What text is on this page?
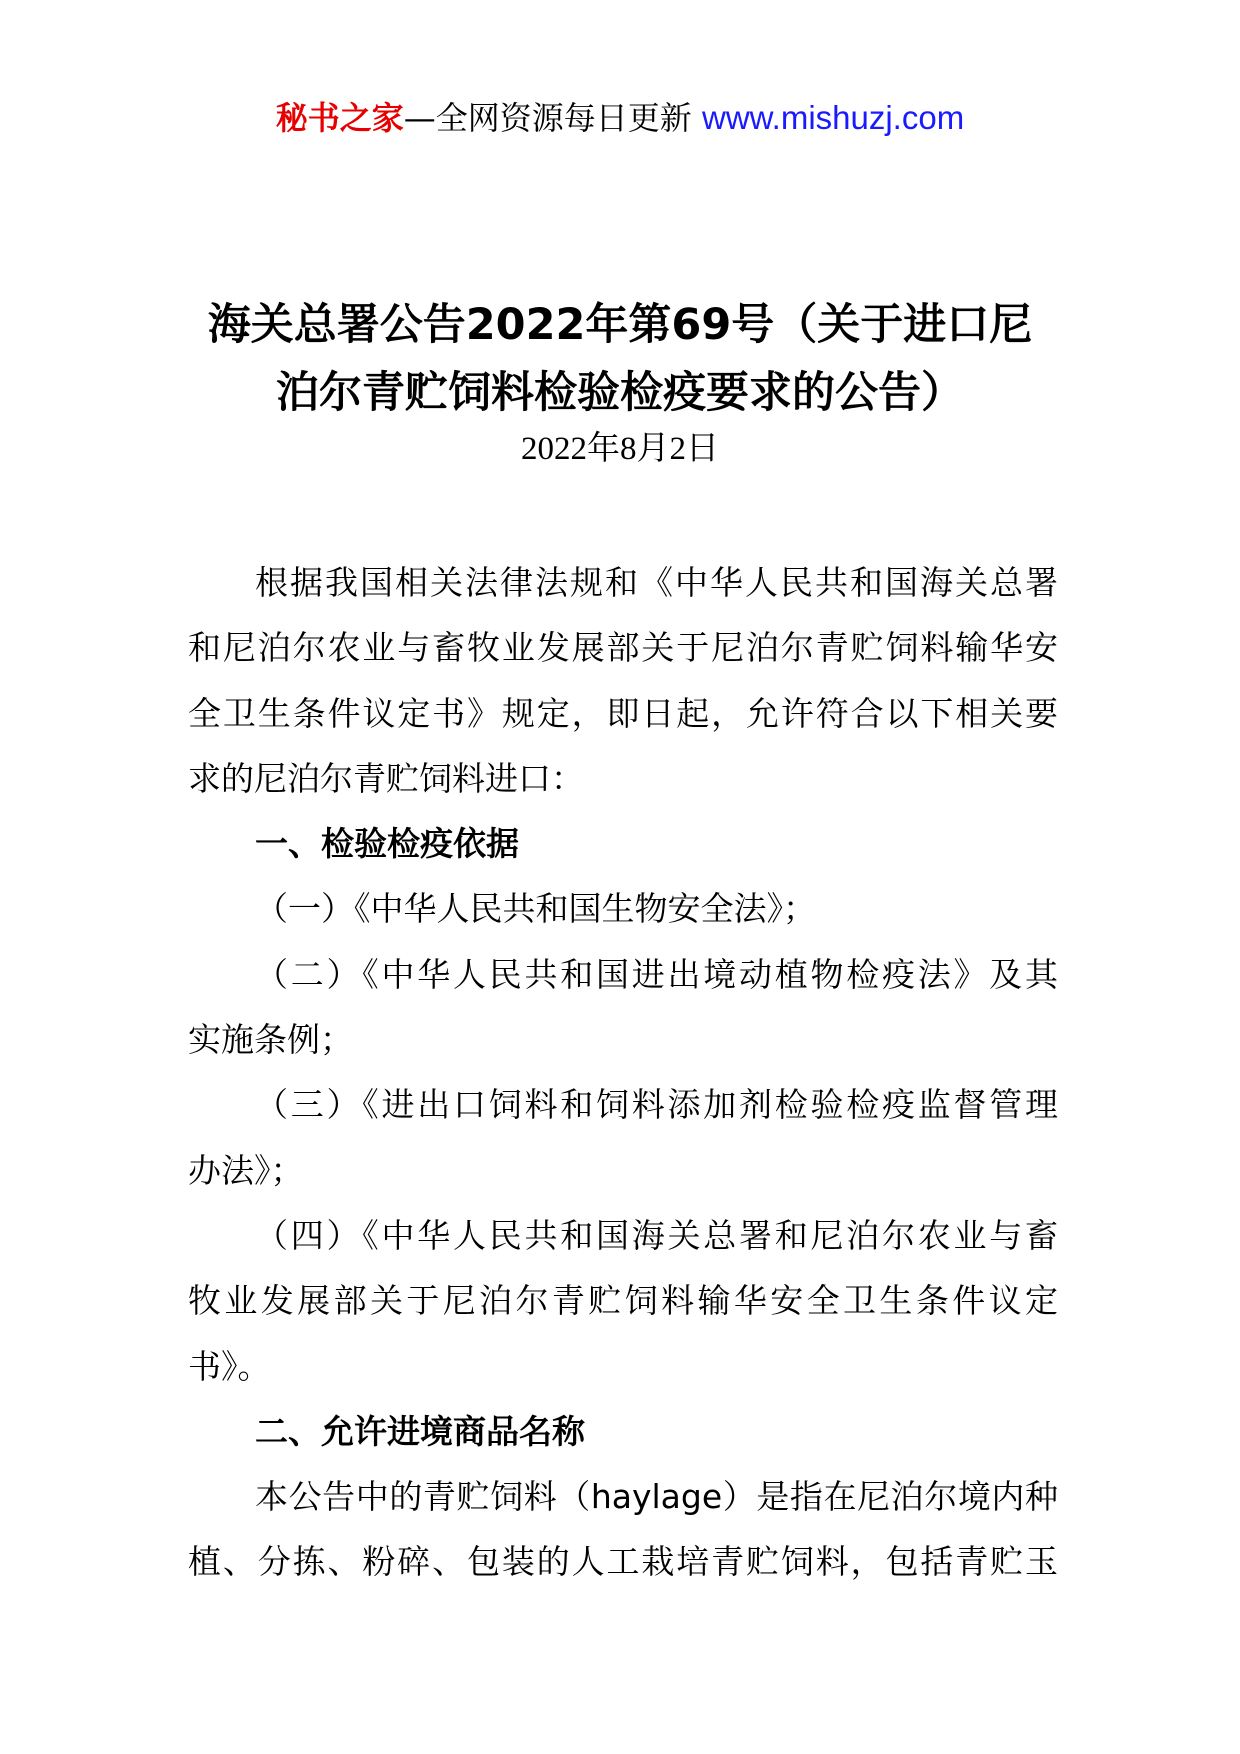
秘书之家—全网资源每日更新 www.mishuzj.com
海关总署公告2022年第69号（关于进口尼
泊尔青贮饲料检验检疫要求的公告）
2022年8月2日
根据我国相关法律法规和《中华人民共和国海关总署
和尼泊尔农业与畜牧业发展部关于尼泊尔青贮饲料输华安
全卫生条件议定书》规定，即日起，允许符合以下相关要
求的尼泊尔青贮饲料进口：
一、检验检疫依据
（一）《中华人民共和国生物安全法》；
（二）《中华人民共和国进出境动植物检疫法》及其
实施条例；
（三）《进出口饲料和饲料添加剂检验检疫监督管理
办法》；
（四）《中华人民共和国海关总署和尼泊尔农业与畜
牧业发展部关于尼泊尔青贮饲料输华安全卫生条件议定
书》。
二、允许进境商品名称
本公告中的青贮饲料（haylage）是指在尼泊尔境内种
植、分拣、粉碎、包装的人工栽培青贮饲料，包括青贮玉
